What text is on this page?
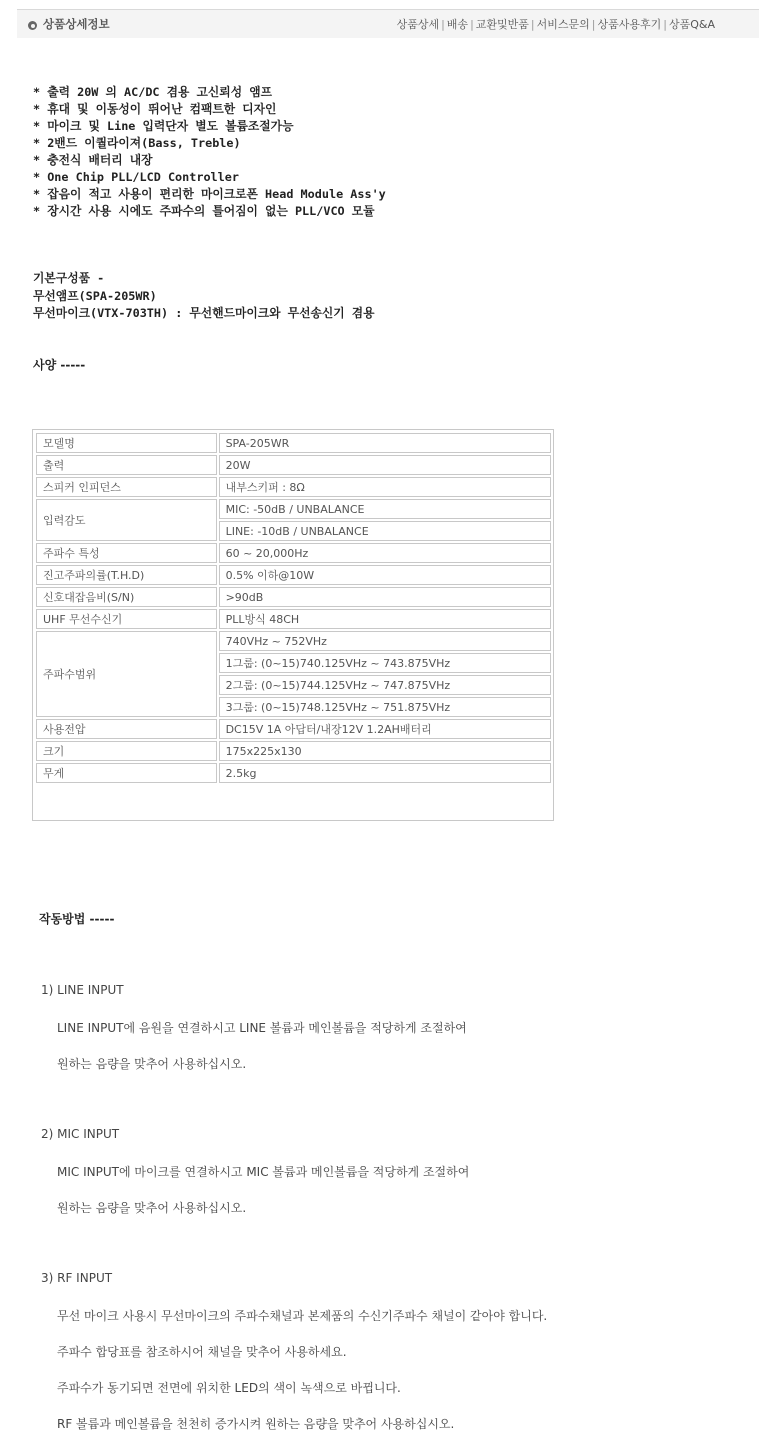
상품상세정보	상품상세 | 배송 | 교환및반품 | 서비스문의 | 상품사용후기 | 상품Q&A
* 출력 20W 의 AC/DC 겸용 고신뢰성 앰프
* 휴대 및 이동성이 뛰어난 컴팩트한 디자인
* 마이크 및 Line 입력단자 별도 볼륨조절가능
* 2밴드 이퀄라이져(Bass, Treble)
* 충전식 배터리 내장
* One Chip PLL/LCD Controller
* 잡음이 적고 사용이 편리한 마이크로폰 Head Module Ass'y
* 장시간 사용 시에도 주파수의 틀어짐이 없는 PLL/VCO 모듈
기본구성품 -
무선앰프(SPA-205WR)
무선마이크(VTX-703TH) : 무선핸드마이크와 무선송신기 겸용
사양 -----
모델명	SPA-205WR
출력	20W
스피커 인피던스	내부스키퍼 : 8Ω
입력감도	MIC: -50dB / UNBALANCE
	LINE: -10dB / UNBALANCE
주파수 특성	60 ~ 20,000Hz
진고주파의률(T.H.D)	0.5% 이하@10W
신호대잡음비(S/N)	>90dB
UHF 무선수신기	PLL방식 48CH
주파수범위	740VHz ~ 752VHz
	1그룹: (0~15)740.125VHz ~ 743.875VHz
	2그룹: (0~15)744.125VHz ~ 747.875VHz
	3그룹: (0~15)748.125VHz ~ 751.875VHz
사용전압	DC15V 1A 아답터/내장12V 1.2AH배터리
크기	175x225x130
무게	2.5kg
작동방법 -----
1) LINE INPUT
LINE INPUT에 음원을 연결하시고 LINE 볼륨과 메인볼륨을 적당하게 조절하여
원하는 음량을 맞추어 사용하십시오.
2) MIC INPUT
MIC INPUT에 마이크를 연결하시고 MIC 볼륨과 메인볼륨을 적당하게 조절하여
원하는 음량을 맞추어 사용하십시오.
3) RF INPUT
무선 마이크 사용시 무선마이크의 주파수채널과 본제품의 수신기주파수 채널이 같아야 합니다.
주파수 합당표를 참조하시어 채널을 맞추어 사용하세요.
주파수가 동기되면 전면에 위치한 LED의 색이 녹색으로 바뀝니다.
RF 볼륨과 메인볼륨을 천천히 증가시켜 원하는 음량을 맞추어 사용하십시오.
